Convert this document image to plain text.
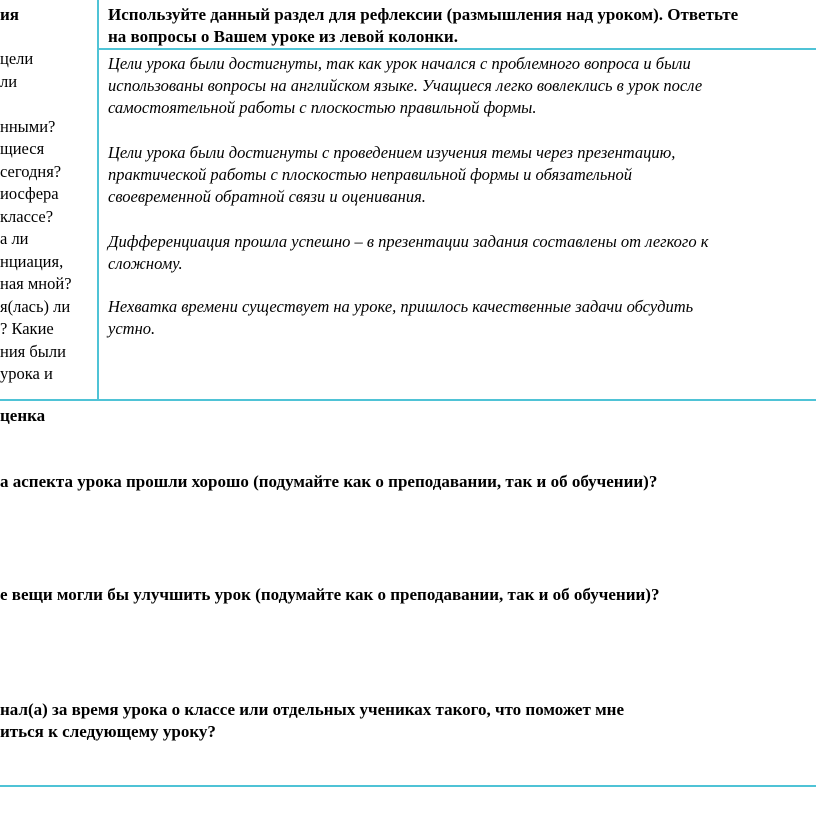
ия	Используйте данный раздел для рефлексии (размышления над уроком). Ответьте
на вопросы о Вашем уроке из левой колонки.
цели
ли

нными?
щиеся
сегодня?
иосфера
классе?
а ли
нциация,
ная мной?
я(лась) ли
? Какие
ния были
урока и
Цели урока были достигнуты, так как урок начался с проблемного вопроса и были
использованы вопросы на английском языке. Учащиеся легко вовлеклись в урок после
самостоятельной работы с плоскостью правильной формы.
Цели урока были достигнуты с проведением изучения темы через презентацию,
практической работы с плоскостью неправильной формы и обязательной
своевременной обратной связи и оценивания.
Дифференциация прошла успешно – в презентации задания составлены от легкого к
сложному.
Нехватка времени существует на уроке, пришлось качественные задачи обсудить
устно.
ценка
а аспекта урока прошли хорошо (подумайте как о преподавании, так и об обучении)?
е вещи могли бы улучшить урок (подумайте как о преподавании, так и об обучении)?
нал(а) за время урока о классе или отдельных учениках такого, что поможет мне
иться к следующему уроку?
